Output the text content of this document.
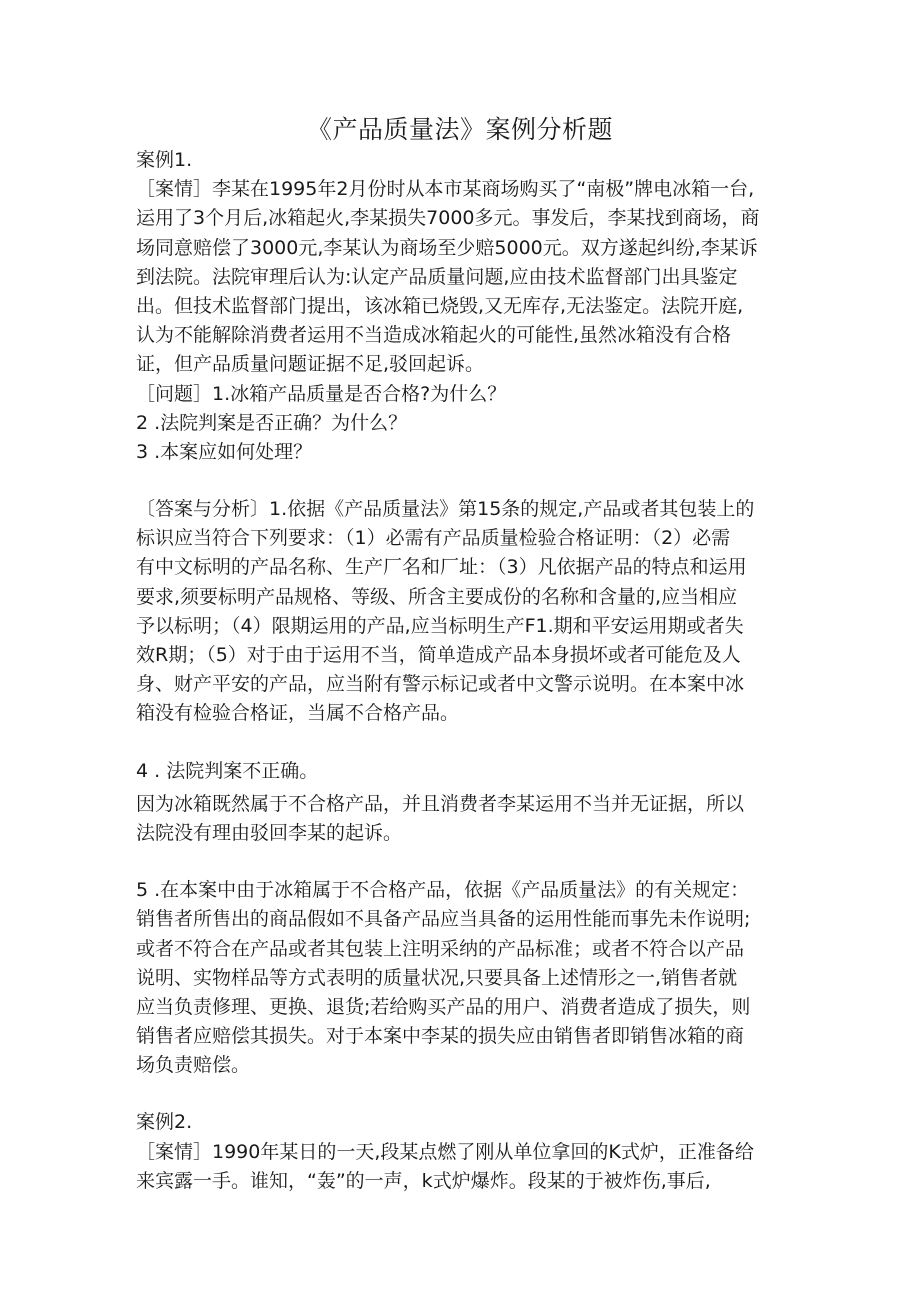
《产品质量法》案例分析题
案例1.
［案情］李某在1995年2月份时从本市某商场购买了“南极”牌电冰箱一台,
运用了3个月后,冰箱起火,李某损失7000多元。事发后，李某找到商场，商
场同意赔偿了3000元,李某认为商场至少赔5000元。双方遂起纠纷,李某诉
到法院。法院审理后认为:认定产品质量问题,应由技术监督部门出具鉴定
出。但技术监督部门提出，该冰箱已烧毁,又无库存,无法鉴定。法院开庭,
认为不能解除消费者运用不当造成冰箱起火的可能性,虽然冰箱没有合格
证，但产品质量问题证据不足,驳回起诉。
［问题］1.冰箱产品质量是否合格?为什么？
2 .法院判案是否正确？为什么？
3 .本案应如何处理？
〔答案与分析〕1.依据《产品质量法》第15条的规定,产品或者其包装上的
标识应当符合下列要求：（1）必需有产品质量检验合格证明：（2）必需
有中文标明的产品名称、生产厂名和厂址：（3）凡依据产品的特点和运用
要求,须要标明产品规格、等级、所含主要成份的名称和含量的,应当相应
予以标明；（4）限期运用的产品,应当标明生产F1.期和平安运用期或者失
效R期；（5）对于由于运用不当，简单造成产品本身损坏或者可能危及人
身、财产平安的产品，应当附有警示标记或者中文警示说明。在本案中冰
箱没有检验合格证，当属不合格产品。
4 . 法院判案不正确。
因为冰箱既然属于不合格产品，并且消费者李某运用不当并无证据，所以
法院没有理由驳回李某的起诉。
5 .在本案中由于冰箱属于不合格产品，依据《产品质量法》的有关规定：
销售者所售出的商品假如不具备产品应当具备的运用性能而事先未作说明;
或者不符合在产品或者其包装上注明采纳的产品标准；或者不符合以产品
说明、实物样品等方式表明的质量状况,只要具备上述情形之一,销售者就
应当负责修理、更换、退货;若给购买产品的用户、消费者造成了损失，则
销售者应赔偿其损失。对于本案中李某的损失应由销售者即销售冰箱的商
场负责赔偿。
案例2.
［案情］1990年某日的一天,段某点燃了刚从单位拿回的K式炉，正准备给
来宾露一手。谁知，“轰”的一声，k式炉爆炸。段某的于被炸伤,事后,
